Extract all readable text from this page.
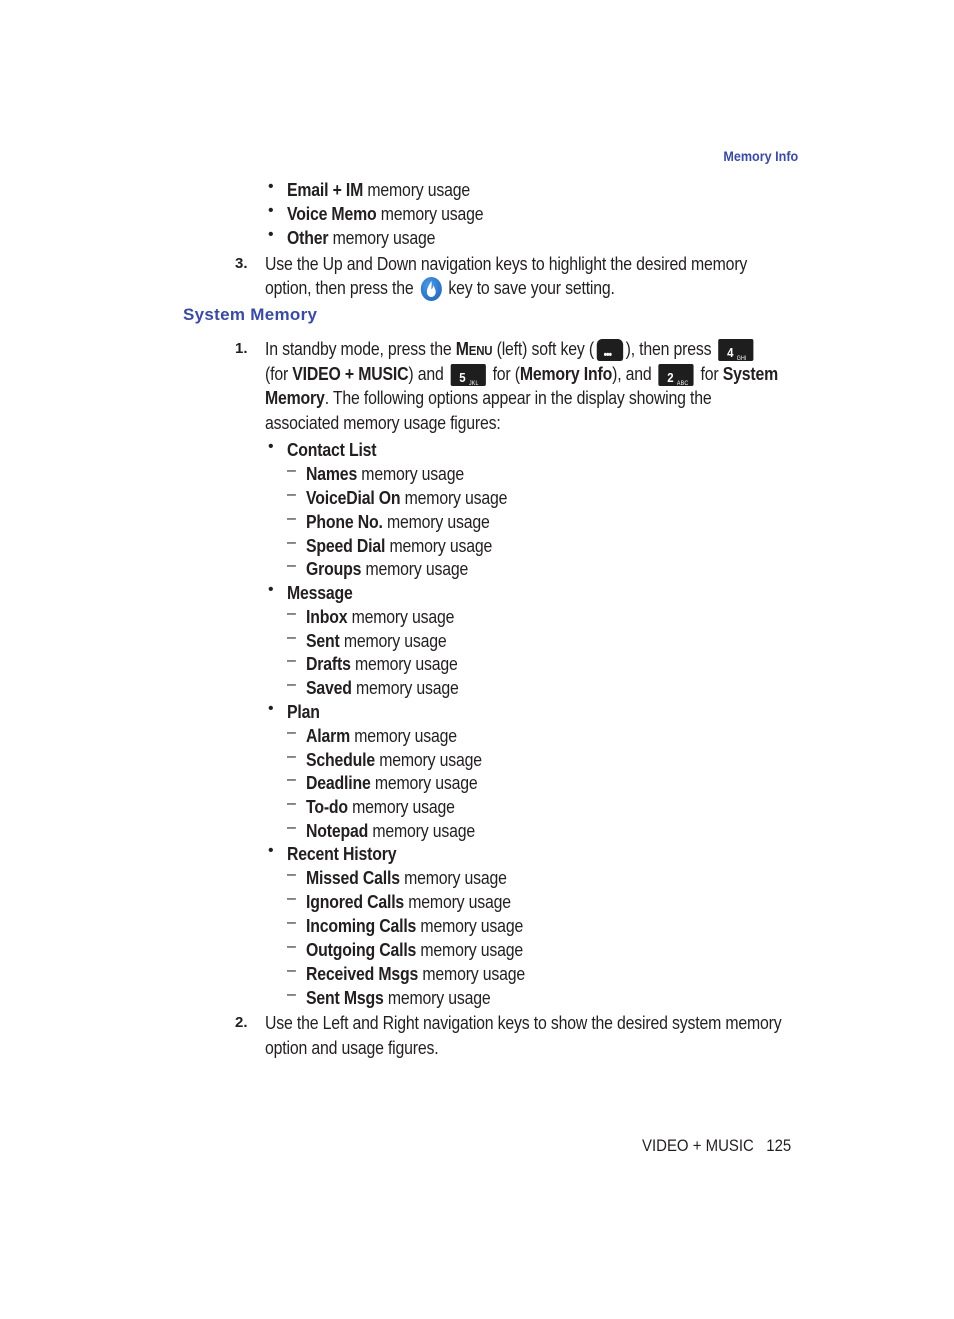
Memory Info
• Email + IM memory usage
• Voice Memo memory usage
• Other memory usage
3. Use the Up and Down navigation keys to highlight the desired memory
option, then press the key to save your setting.
System Memory
1. In standby mode, press the Menu (left) soft key ( ••• ), then press 4 GHI
(for VIDEO + MUSIC) and 5 JKL
for (Memory Info), and 2 ABC
for System
Memory. The following options appear in the display showing the
associated memory usage figures:
• Contact List
– Names memory usage
– VoiceDial On memory usage
– Phone No. memory usage
– Speed Dial memory usage
– Groups memory usage
• Message
– Inbox memory usage
– Sent memory usage
– Drafts memory usage
– Saved memory usage
• Plan
– Alarm memory usage
– Schedule memory usage
– Deadline memory usage
– To-do memory usage
– Notepad memory usage
• Recent History
– Missed Calls memory usage
– Ignored Calls memory usage
– Incoming Calls memory usage
– Outgoing Calls memory usage
– Received Msgs memory usage
– Sent Msgs memory usage
2. Use the Left and Right navigation keys to show the desired system memory
option and usage figures.
VIDEO + MUSIC 125
